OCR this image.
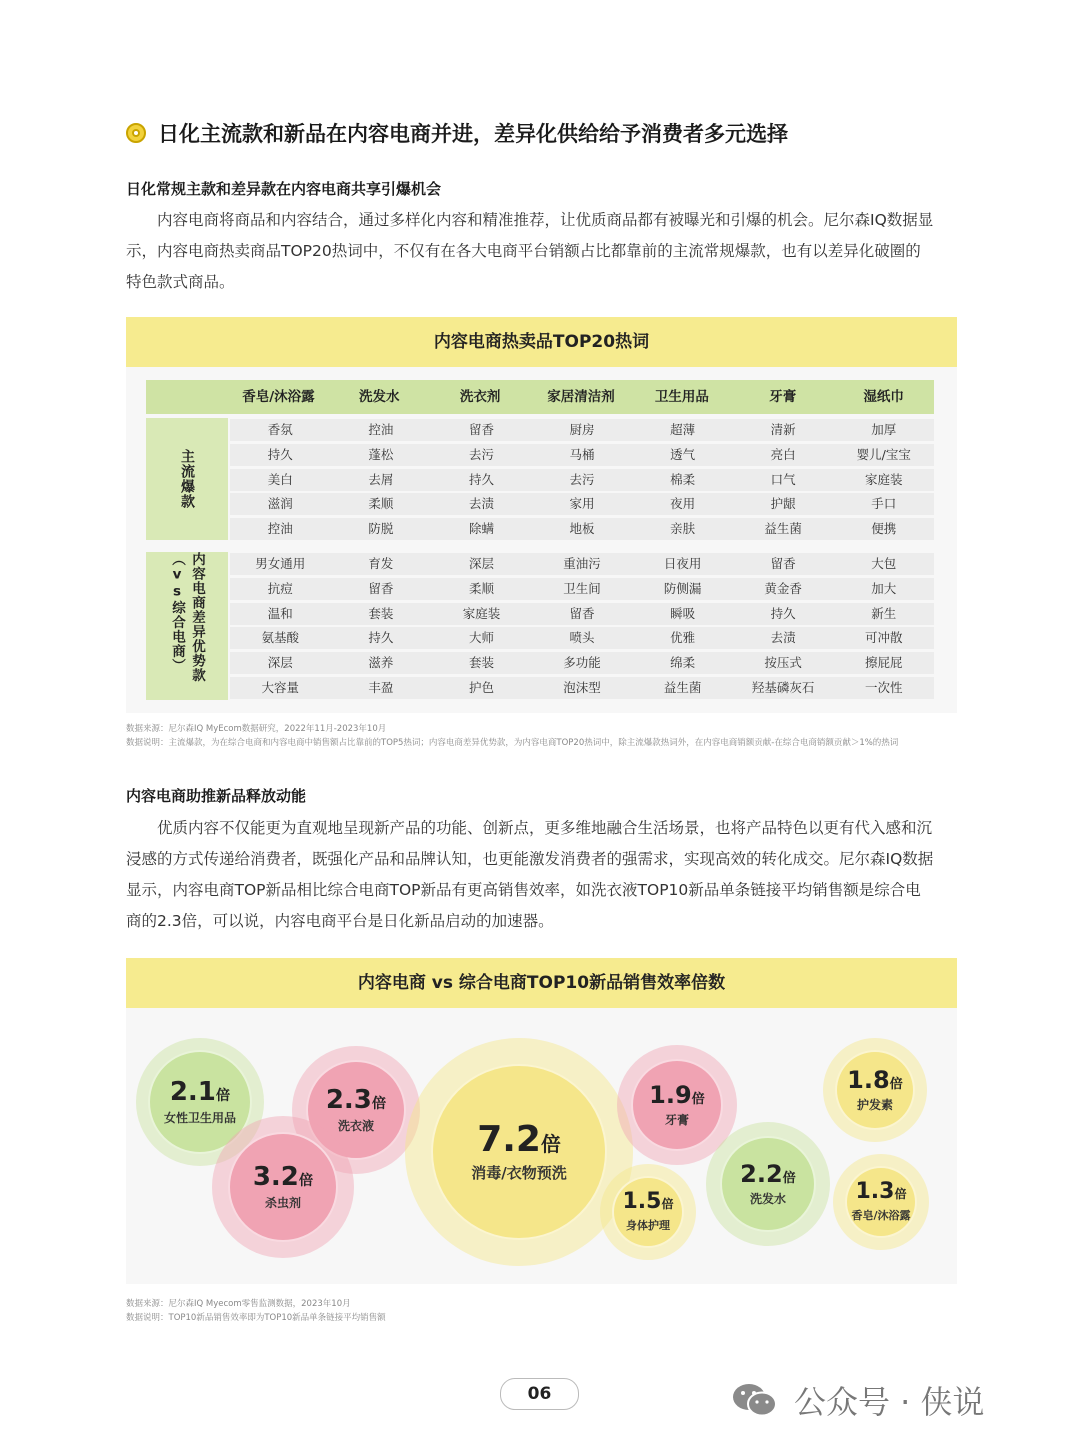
日化主流款和新品在内容电商并进，差异化供给给予消费者多元选择
日化常规主款和差异款在内容电商共享引爆机会
　　内容电商将商品和内容结合，通过多样化内容和精准推荐，让优质商品都有被曝光和引爆的机会。尼尔森IQ数据显
示，内容电商热卖商品TOP20热词中，不仅有在各大电商平台销额占比都靠前的主流常规爆款，也有以差异化破圈的
特色款式商品。
内容电商热卖品TOP20热词
香皂/沐浴露	洗发水	洗衣剂	家居清洁剂	卫生用品	牙膏	湿纸巾
主流爆款
香氛	控油	留香	厨房	超薄	清新	加厚
持久	蓬松	去污	马桶	透气	亮白	婴儿/宝宝
美白	去屑	持久	去污	棉柔	口气	家庭装
滋润	柔顺	去渍	家用	夜用	护龈	手口
控油	防脱	除螨	地板	亲肤	益生菌	便携
内容电商差异优势款（vs综合电商）	男女通用	育发	深层	重油污	日夜用	留香	大包
抗痘	留香	柔顺	卫生间	防侧漏	黄金香	加大
温和	套装	家庭装	留香	瞬吸	持久	新生
氨基酸	持久	大师	喷头	优雅	去渍	可冲散
深层	滋养	套装	多功能	绵柔	按压式	擦屁屁
大容量	丰盈	护色	泡沫型	益生菌	羟基磷灰石	一次性
数据来源：尼尔森IQ MyEcom数据研究，2022年11月-2023年10月
数据说明：主流爆款，为在综合电商和内容电商中销售额占比靠前的TOP5热词；内容电商差异优势款，为内容电商TOP20热词中，除主流爆款热词外，在内容电商销额贡献-在综合电商销额贡献＞1%的热词
内容电商助推新品释放动能
　　优质内容不仅能更为直观地呈现新产品的功能、创新点，更多维地融合生活场景，也将产品特色以更有代入感和沉
浸感的方式传递给消费者，既强化产品和品牌认知，也更能激发消费者的强需求，实现高效的转化成交。尼尔森IQ数据
显示，内容电商TOP新品相比综合电商TOP新品有更高销售效率，如洗衣液TOP10新品单条链接平均销售额是综合电
商的2.3倍，可以说，内容电商平台是日化新品启动的加速器。
内容电商 vs 综合电商TOP10新品销售效率倍数
2.1倍
女性卫生用品
2.3倍
洗衣液
3.2倍
杀虫剂
7.2倍
消毒/衣物预洗
1.9倍
牙膏
1.5倍
身体护理
2.2倍
洗发水
1.8倍
护发素
1.3倍
香皂/沐浴露
数据来源：尼尔森IQ Myecom零售监测数据，2023年10月
数据说明：TOP10新品销售效率即为TOP10新品单条链接平均销售额
06	公众号 · 侠说
